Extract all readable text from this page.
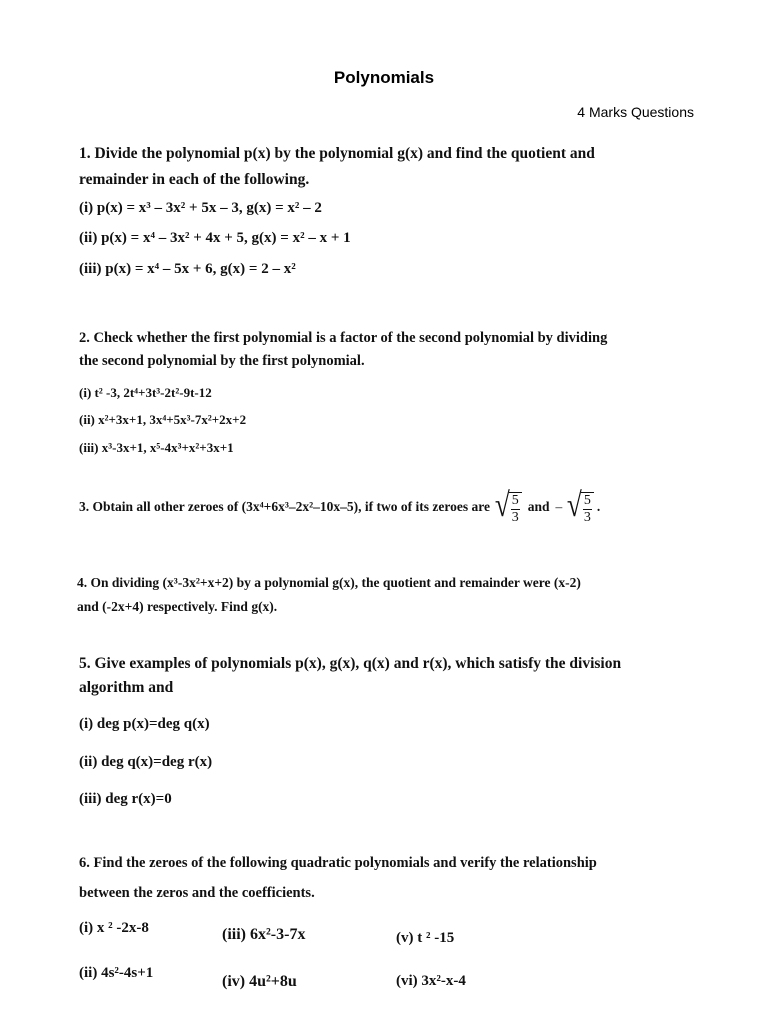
Polynomials
4 Marks Questions
1. Divide the polynomial p(x) by the polynomial g(x) and find the quotient and
remainder in each of the following.
(i) p(x) = x³ – 3x² + 5x – 3, g(x) = x² – 2
(ii) p(x) = x⁴ – 3x² + 4x + 5, g(x) = x² – x + 1
(iii) p(x) = x⁴ – 5x + 6, g(x) = 2 – x²
2. Check whether the first polynomial is a factor of the second polynomial by dividing
the second polynomial by the first polynomial.
(i) t² -3, 2t⁴+3t³-2t²-9t-12
(ii) x²+3x+1, 3x⁴+5x³-7x²+2x+2
(iii) x³-3x+1, x⁵-4x³+x²+3x+1
3. Obtain all other zeroes of (3x⁴+6x³–2x²–10x–5), if two of its zeroes are √
$\frac{5}{3}$ and – √
$\frac{5}{3}$ .
4. On dividing (x³-3x²+x+2) by a polynomial g(x), the quotient and remainder were (x-2)
and (-2x+4) respectively. Find g(x).
5. Give examples of polynomials p(x), g(x), q(x) and r(x), which satisfy the division
algorithm and
(i) deg p(x)=deg q(x)
(ii) deg q(x)=deg r(x)
(iii) deg r(x)=0
6. Find the zeroes of the following quadratic polynomials and verify the relationship
between the zeros and the coefficients.
(i) x ² -2x-8	(iii) 6x²-3-7x	(v) t ² -15
(ii) 4s²-4s+1	(iv) 4u²+8u	(vi) 3x²-x-4
